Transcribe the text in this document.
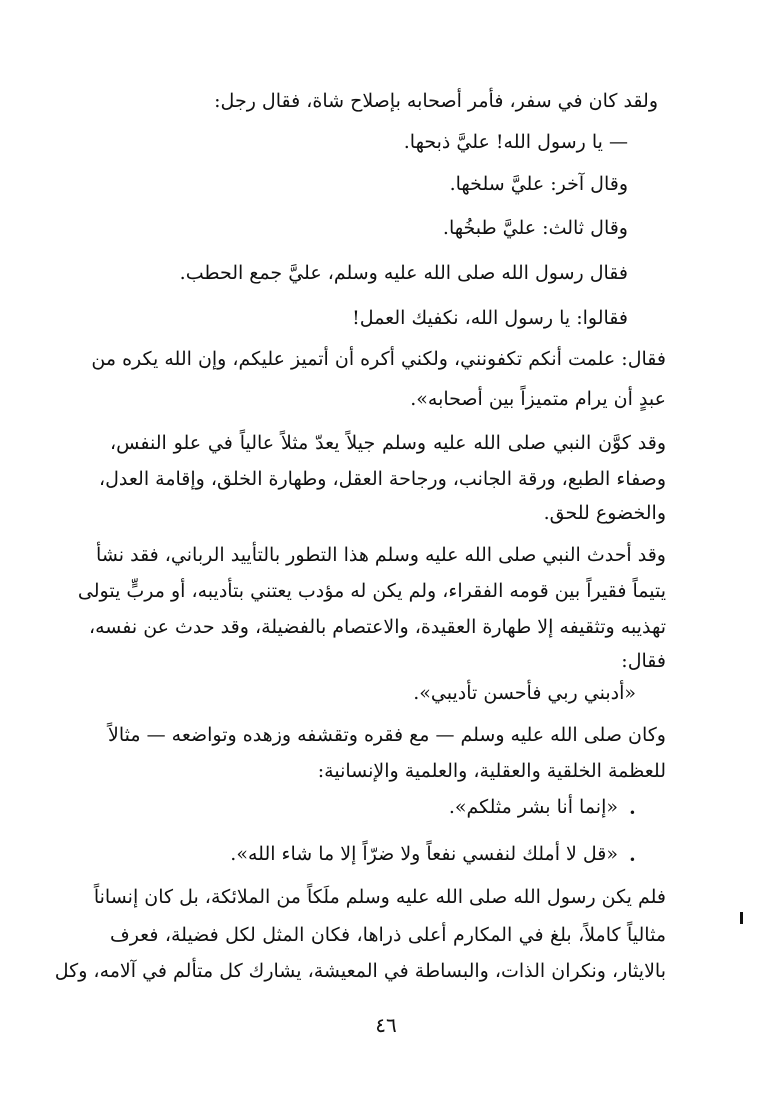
ولقد كان في سفر، فأمر أصحابه بإصلاح شاة، فقال رجل:
— يا رسول الله! عليَّ ذبحها.
وقال آخر: عليَّ سلخها.
وقال ثالث: عليَّ طبخُها.
فقال رسول الله صلى الله عليه وسلم، عليَّ جمع الحطب.
فقالوا: يا رسول الله، نكفيك العمل!
فقال: علمت أنكم تكفونني، ولكني أكره أن أتميز عليكم، وإن الله يكره من
عبدٍ أن يرام متميزاً بين أصحابه».
وقد كوَّن النبي صلى الله عليه وسلم جيلاً يعدّ مثلاً عالياً في علو النفس،
وصفاء الطبع، ورقة الجانب، ورجاحة العقل، وطهارة الخلق، وإقامة العدل،
والخضوع للحق.
وقد أحدث النبي صلى الله عليه وسلم هذا التطور بالتأييد الرباني، فقد نشأ
يتيماً فقيراً بين قومه الفقراء، ولم يكن له مؤدب يعتني بتأديبه، أو مربٍّ يتولى
تهذيبه وتثقيفه إلا طهارة العقيدة، والاعتصام بالفضيلة، وقد حدث عن نفسه،
فقال:
«أدبني ربي فأحسن تأديبي».
وكان صلى الله عليه وسلم — مع فقره وتقشفه وزهده وتواضعه — مثالاً
للعظمة الخلقية والعقلية، والعلمية والإنسانية:
•
«إنما أنا بشر مثلكم».
•
«قل لا أملك لنفسي نفعاً ولا ضرّاً إلا ما شاء الله».
فلم يكن رسول الله صلى الله عليه وسلم ملَكاً من الملائكة، بل كان إنساناً
مثالياً كاملاً، بلغ في المكارم أعلى ذراها، فكان المثل لكل فضيلة، فعرف
بالايثار، ونكران الذات، والبساطة في المعيشة، يشارك كل متألم في آلامه، وكل
٤٦
